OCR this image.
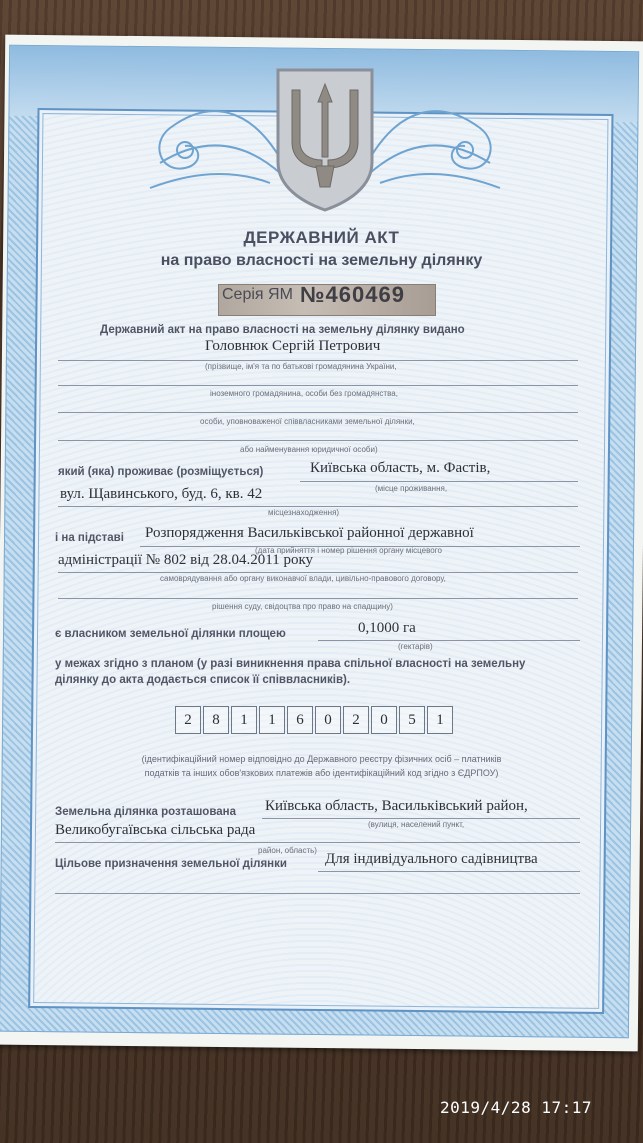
ДЕРЖАВНИЙ АКТ
на право власності на земельну ділянку
Серія ЯМ №460469
Державний акт на право власності на земельну ділянку видано
Головнюк Сергій Петрович
(прізвище, ім'я та по батькові громадянина України,
іноземного громадянина, особи без громадянства,
особи, уповноваженої співвласниками земельної ділянки,
або найменування юридичної особи)
який (яка) проживає (розміщується)	Київська область, м. Фастів,
(місце проживання,
вул. Щавинського, буд. 6, кв. 42
місцезнаходження)
і на підставі Розпорядження Васильківської районної державної
(дата прийняття і номер рішення органу місцевого
адміністрації № 802 від 28.04.2011 року
самоврядування або органу виконавчої влади, цивільно-правового договору,
рішення суду, свідоцтва про право на спадщину)
є власником земельної ділянки площею	0,1000 га
(гектарів)
у межах згідно з планом (у разі виникнення права спільної власності на земельну
ділянку до акта додається список її співвласників).
2	8	1	1	6	0	2	0	5	1
(ідентифікаційний номер відповідно до Державного реєстру фізичних осіб – платників
податків та інших обов'язкових платежів або ідентифікаційний код згідно з ЄДРПОУ)
Земельна ділянка розташована Київська область, Васильківський район,
(вулиця, населений пункт,
Великобугаївська сільська рада
район, область)
Цільове призначення земельної ділянки	Для індивідуального садівництва
2019/4/28 17:17
